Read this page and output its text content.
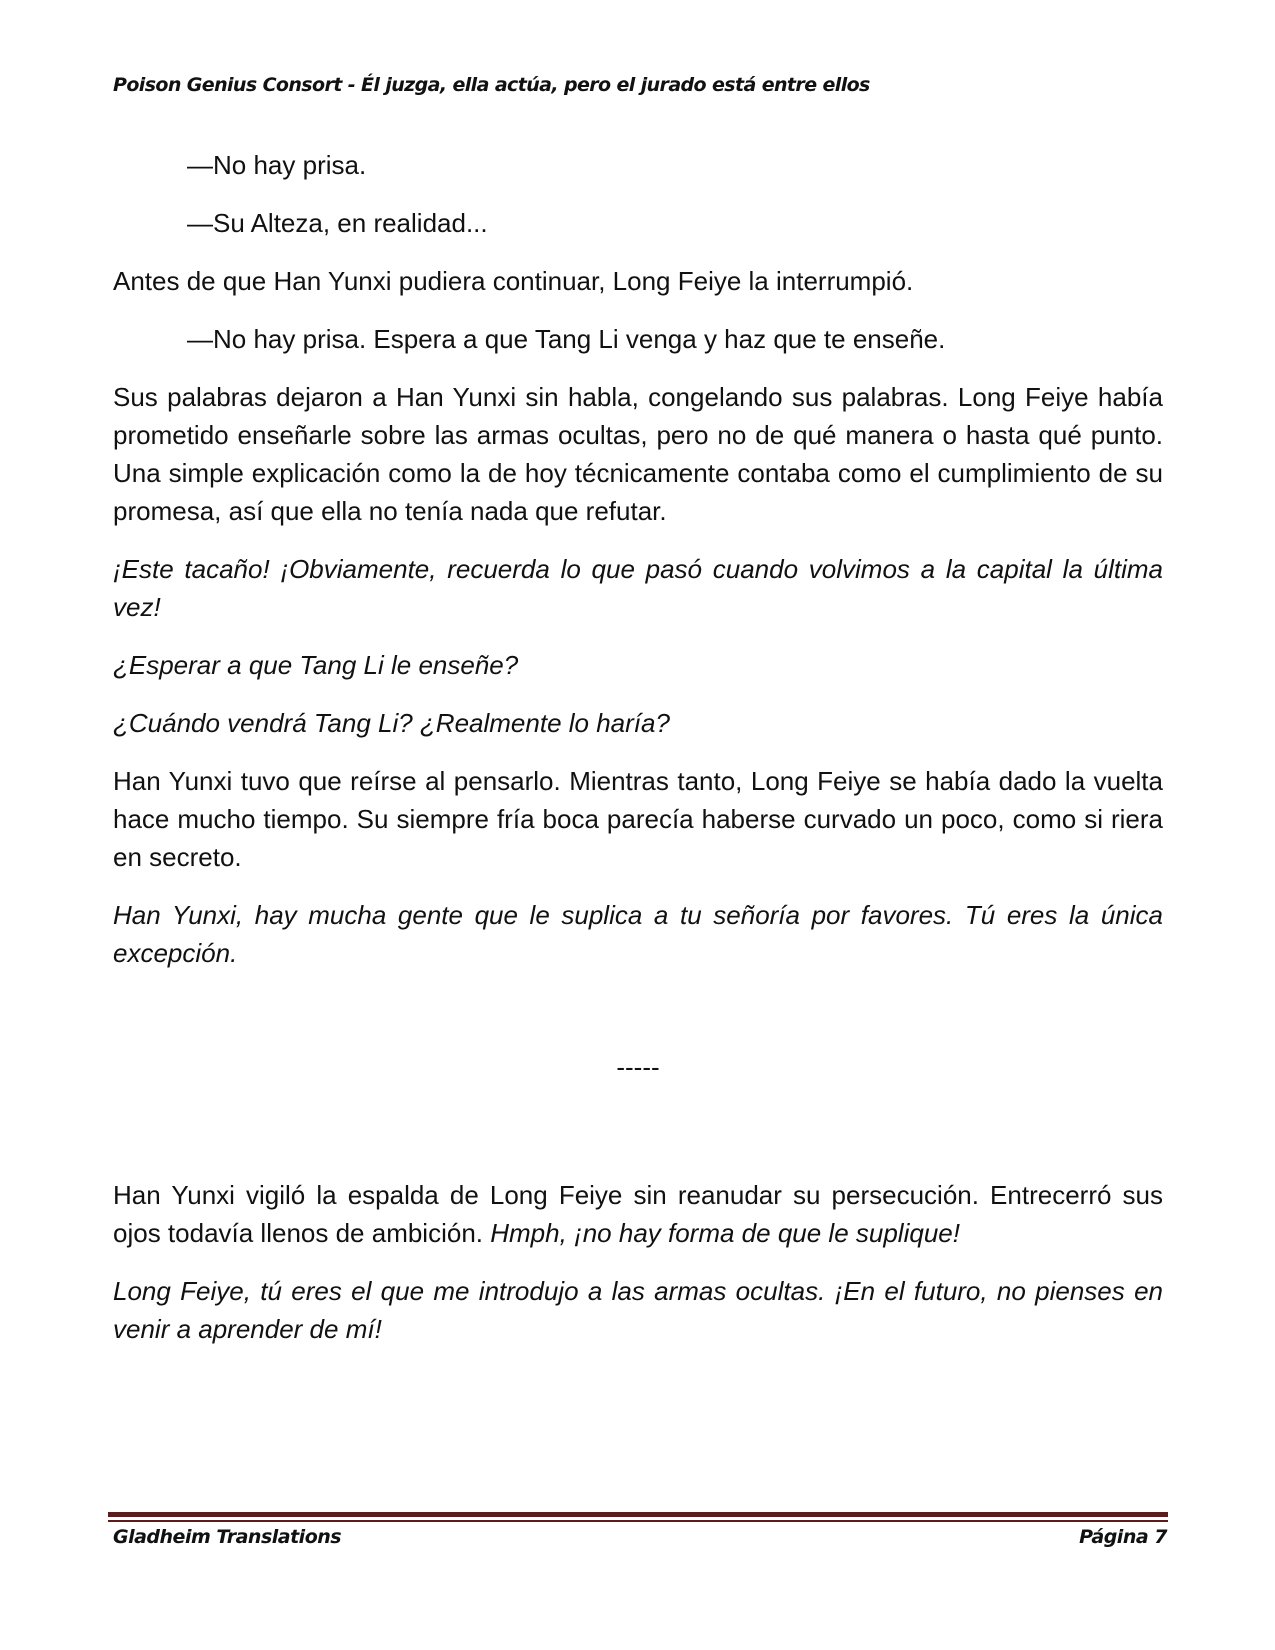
Poison Genius Consort - Él juzga, ella actúa, pero el jurado está entre ellos

—No hay prisa.

—Su Alteza, en realidad...

Antes de que Han Yunxi pudiera continuar, Long Feiye la interrumpió.

—No hay prisa. Espera a que Tang Li venga y haz que te enseñe.

Sus palabras dejaron a Han Yunxi sin habla, congelando sus palabras. Long Feiye había prometido enseñarle sobre las armas ocultas, pero no de qué manera o hasta qué punto. Una simple explicación como la de hoy técnicamente contaba como el cumplimiento de su promesa, así que ella no tenía nada que refutar.

¡Este tacaño! ¡Obviamente, recuerda lo que pasó cuando volvimos a la capital la última vez!

¿Esperar a que Tang Li le enseñe?

¿Cuándo vendrá Tang Li? ¿Realmente lo haría?

Han Yunxi tuvo que reírse al pensarlo. Mientras tanto, Long Feiye se había dado la vuelta hace mucho tiempo. Su siempre fría boca parecía haberse curvado un poco, como si riera en secreto.

Han Yunxi, hay mucha gente que le suplica a tu señoría por favores. Tú eres la única excepción.

-----

Han Yunxi vigiló la espalda de Long Feiye sin reanudar su persecución. Entrecerró sus ojos todavía llenos de ambición. Hmph, ¡no hay forma de que le suplique!

Long Feiye, tú eres el que me introdujo a las armas ocultas. ¡En el futuro, no pienses en venir a aprender de mí!

Gladheim Translations	Página 7
